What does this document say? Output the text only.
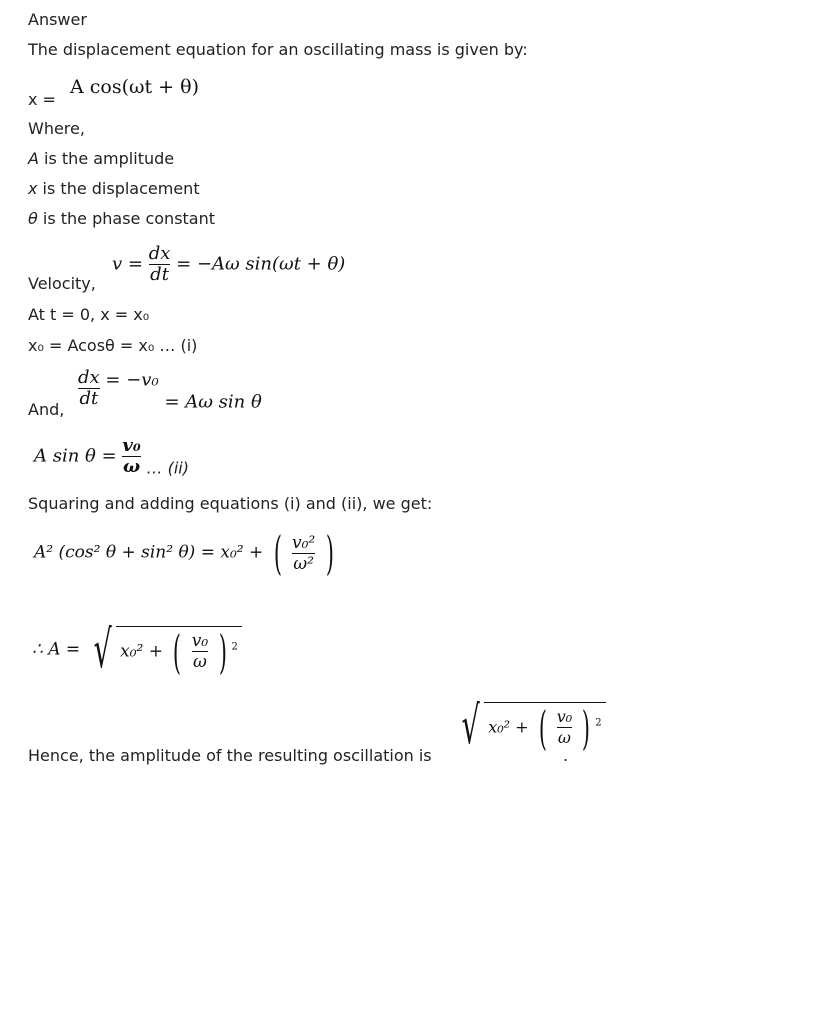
Answer
The displacement equation for an oscillating mass is given by:
x =
A cos(ωt + θ)
Where,
A is the amplitude
x is the displacement
θ is the phase constant
Velocity,
$v = \frac{dx}{dt} = -A\omega$ sin(ωt + θ)
At t = 0, x = x₀
x₀ = Acosθ = x₀ … (i)
And,
$\frac{dx}{dt} = -v_0 = A\omega$ sin θ
A $\sin \theta = \frac{\text{v₀}}{\omega}$ … (ii)
Squaring and adding equations (i) and (ii), we get:
A² (cos² θ + sin² θ) = x₀² + ( $\frac{\text{v₀²}}{\text{ω²}}$ )
∴ A = √ x₀² + ( $\frac{\text{v₀}}{\omega}$ ) $^2$
Hence, the amplitude of the resulting oscillation is √ x₀² + ( $\frac{\text{v₀}}{\omega}$ ) $^2$
.
